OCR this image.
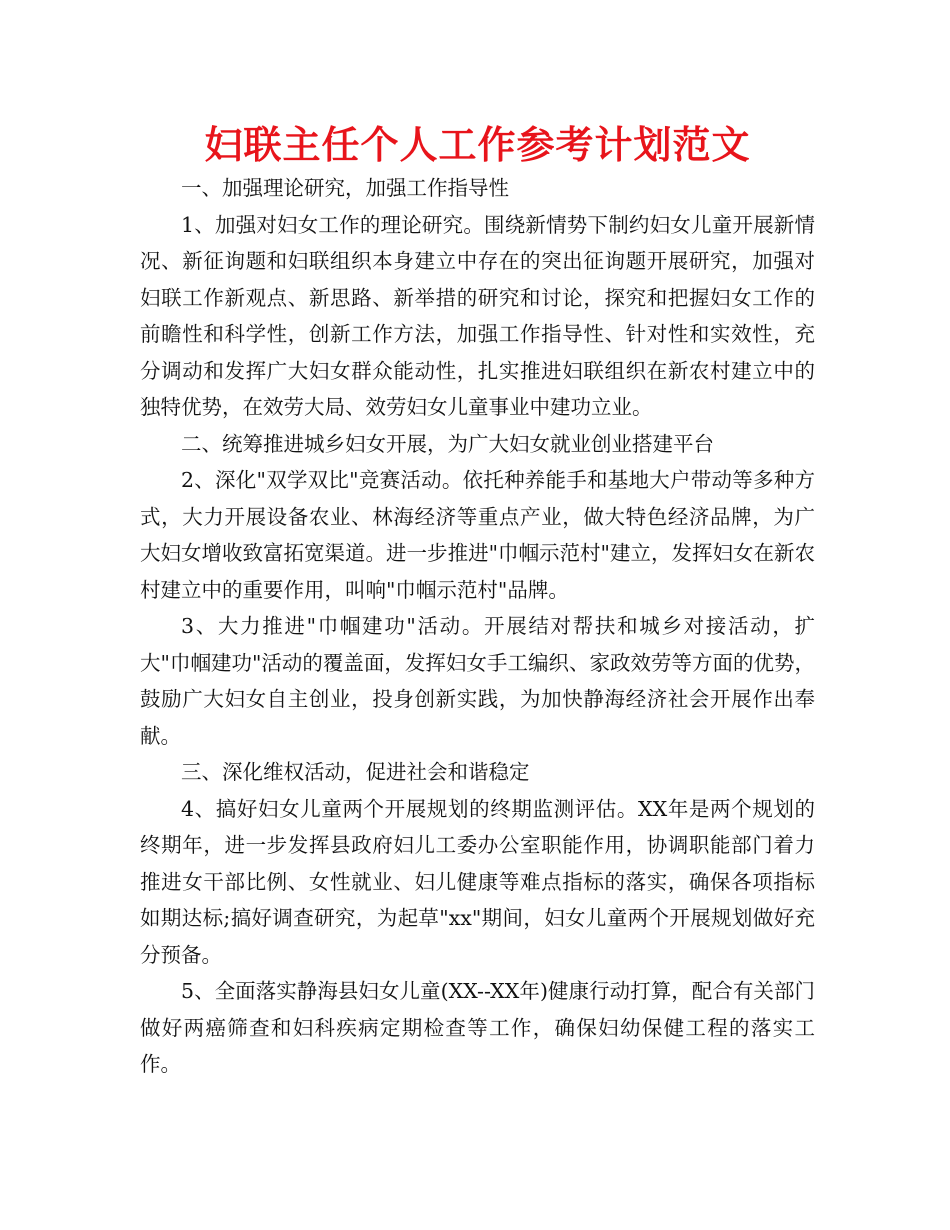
妇联主任个人工作参考计划范文

一、加强理论研究，加强工作指导性

1、加强对妇女工作的理论研究。围绕新情势下制约妇女儿童开展新情况、新征询题和妇联组织本身建立中存在的突出征询题开展研究，加强对妇联工作新观点、新思路、新举措的研究和讨论，探究和把握妇女工作的前瞻性和科学性，创新工作方法，加强工作指导性、针对性和实效性，充分调动和发挥广大妇女群众能动性，扎实推进妇联组织在新农村建立中的独特优势，在效劳大局、效劳妇女儿童事业中建功立业。

二、统筹推进城乡妇女开展，为广大妇女就业创业搭建平台

2、深化"双学双比"竞赛活动。依托种养能手和基地大户带动等多种方式，大力开展设备农业、林海经济等重点产业，做大特色经济品牌，为广大妇女增收致富拓宽渠道。进一步推进"巾帼示范村"建立，发挥妇女在新农村建立中的重要作用，叫响"巾帼示范村"品牌。

3、大力推进"巾帼建功"活动。开展结对帮扶和城乡对接活动，扩大"巾帼建功"活动的覆盖面，发挥妇女手工编织、家政效劳等方面的优势，鼓励广大妇女自主创业，投身创新实践，为加快静海经济社会开展作出奉献。

三、深化维权活动，促进社会和谐稳定

4、搞好妇女儿童两个开展规划的终期监测评估。XX年是两个规划的终期年，进一步发挥县政府妇儿工委办公室职能作用，协调职能部门着力推进女干部比例、女性就业、妇儿健康等难点指标的落实，确保各项指标如期达标;搞好调查研究，为起草"xx"期间，妇女儿童两个开展规划做好充分预备。

5、全面落实静海县妇女儿童(XX--XX年)健康行动打算，配合有关部门做好两癌筛查和妇科疾病定期检查等工作，确保妇幼保健工程的落实工作。
